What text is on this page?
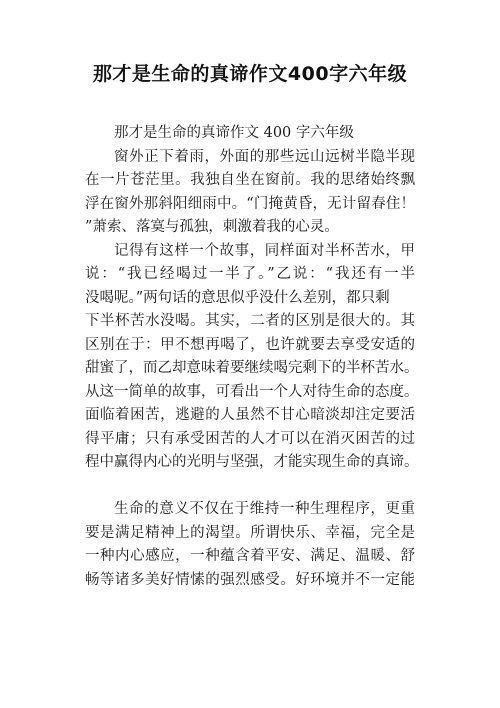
那才是生命的真谛作文400字六年级
那才是生命的真谛作文 400 字六年级
窗外正下着雨，外面的那些远山远树半隐半现
在一片苍茫里。我独自坐在窗前。我的思绪始终飘
浮在窗外那斜阳细雨中。“门掩黄昏，无计留春住！
”萧索、落寞与孤独，刺激着我的心灵。
记得有这样一个故事，同样面对半杯苦水，甲
说：“我已经喝过一半了。”乙说：“我还有一半
没喝呢。”两句话的意思似乎没什么差别，都只剩
下半杯苦水没喝。其实，二者的区别是很大的。其
区别在于：甲不想再喝了，也许就要去享受安适的
甜蜜了，而乙却意味着要继续喝完剩下的半杯苦水。
从这一简单的故事，可看出一个人对待生命的态度。
面临着困苦，逃避的人虽然不甘心暗淡却注定要活
得平庸；只有承受困苦的人才可以在消灭困苦的过
程中赢得内心的光明与坚强，才能实现生命的真谛。
生命的意义不仅在于维持一种生理程序，更重
要是满足精神上的渴望。所谓快乐、幸福，完全是
一种内心感应，一种蕴含着平安、满足、温暖、舒
畅等诸多美好情愫的强烈感受。好环境并不一定能
